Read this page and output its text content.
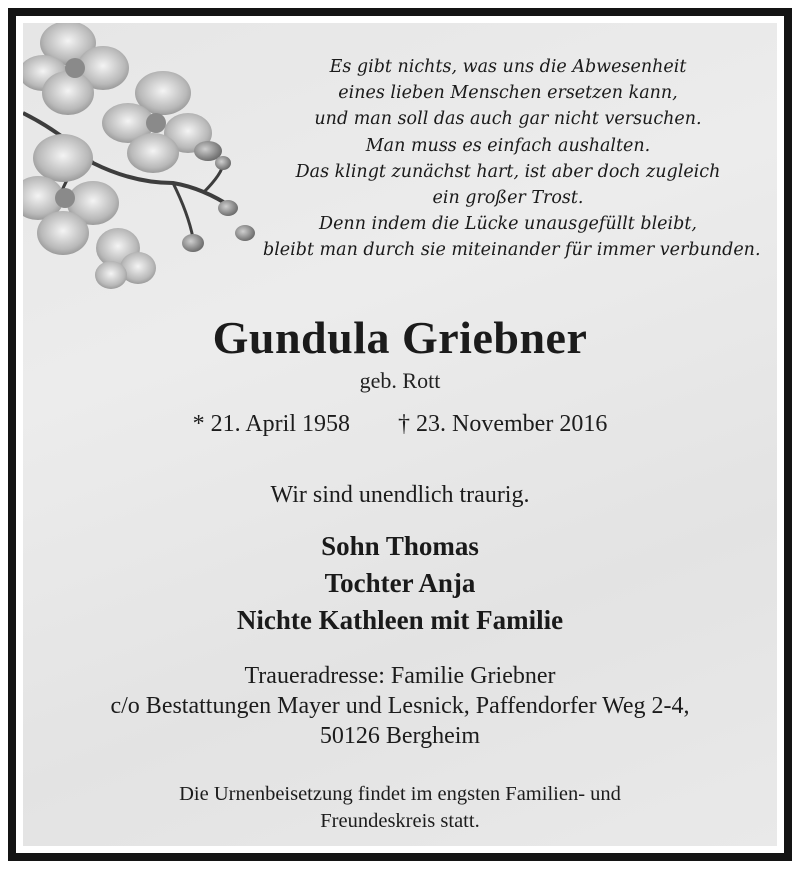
Es gibt nichts, was uns die Abwesenheit
eines lieben Menschen ersetzen kann,
und man soll das auch gar nicht versuchen.
Man muss es einfach aushalten.
Das klingt zunächst hart, ist aber doch zugleich
ein großer Trost.
Denn indem die Lücke unausgefüllt bleibt,
bleibt man durch sie miteinander für immer verbunden.
Gundula Griebner
geb. Rott
* 21. April 1958 † 23. November 2016
Wir sind unendlich traurig.
Sohn Thomas
Tochter Anja
Nichte Kathleen mit Familie
Traueradresse: Familie Griebner
c/o Bestattungen Mayer und Lesnick, Paffendorfer Weg 2-4,
50126 Bergheim
Die Urnenbeisetzung findet im engsten Familien- und
Freundeskreis statt.
